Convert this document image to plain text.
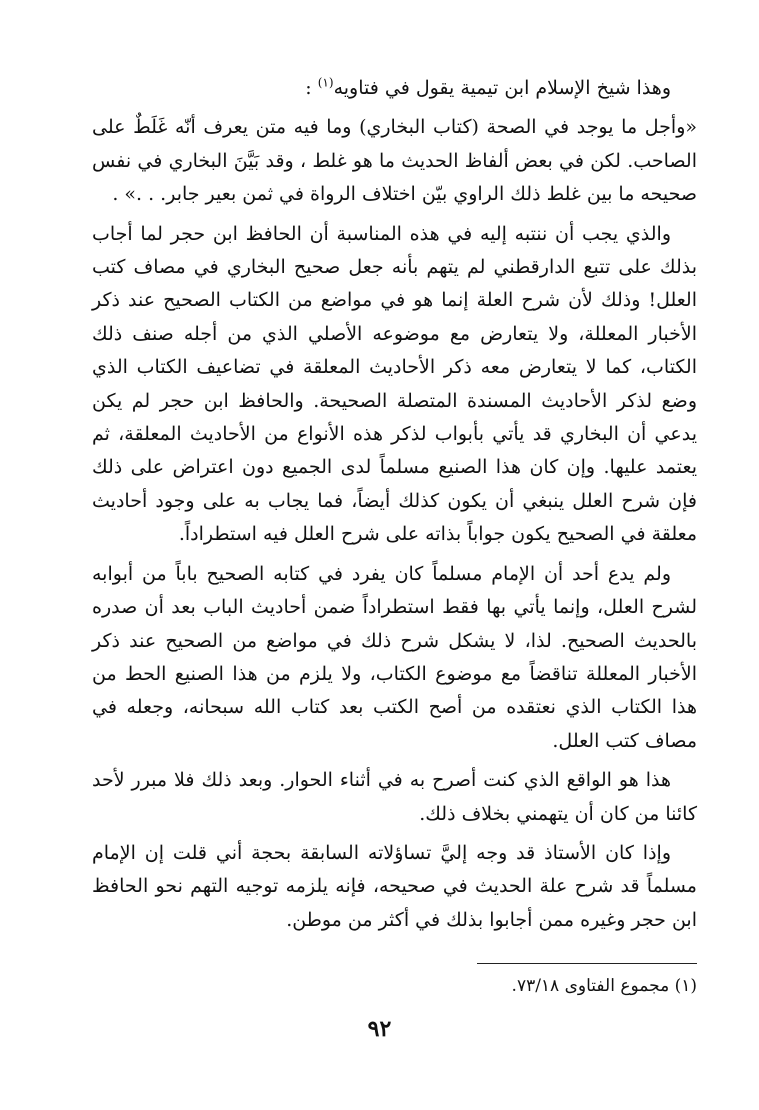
وهذا شيخ الإسلام ابن تيمية يقول في فتاويه$^{(١)}$ :

«وأجل ما يوجد في الصحة (كتاب البخاري) وما فيه متن يعرف أنّه غَلَطٌ على الصاحب. لكن في بعض ألفاظ الحديث ما هو غلط ، وقد بَيَّنَ البخاري في نفس صحيحه ما بين غلط ذلك الراوي بيّن اختلاف الرواة في ثمن بعير جابر. . .» .

والذي يجب أن ننتبه إليه في هذه المناسبة أن الحافظ ابن حجر لما أجاب بذلك على تتبع الدارقطني لم يتهم بأنه جعل صحيح البخاري في مصاف كتب العلل! وذلك لأن شرح العلة إنما هو في مواضع من الكتاب الصحيح عند ذكر الأخبار المعللة، ولا يتعارض مع موضوعه الأصلي الذي من أجله صنف ذلك الكتاب، كما لا يتعارض معه ذكر الأحاديث المعلقة في تضاعيف الكتاب الذي وضع لذكر الأحاديث المسندة المتصلة الصحيحة. والحافظ ابن حجر لم يكن يدعي أن البخاري قد يأتي بأبواب لذكر هذه الأنواع من الأحاديث المعلقة، ثم يعتمد عليها. وإن كان هذا الصنيع مسلماً لدى الجميع دون اعتراض على ذلك فإن شرح العلل ينبغي أن يكون كذلك أيضاً، فما يجاب به على وجود أحاديث معلقة في الصحيح يكون جواباً بذاته على شرح العلل فيه استطراداً.

ولم يدع أحد أن الإمام مسلماً كان يفرد في كتابه الصحيح باباً من أبوابه لشرح العلل، وإنما يأتي بها فقط استطراداً ضمن أحاديث الباب بعد أن صدره بالحديث الصحيح. لذا، لا يشكل شرح ذلك في مواضع من الصحيح عند ذكر الأخبار المعللة تناقضاً مع موضوع الكتاب، ولا يلزم من هذا الصنيع الحط من هذا الكتاب الذي نعتقده من أصح الكتب بعد كتاب الله سبحانه، وجعله في مصاف كتب العلل.

هذا هو الواقع الذي كنت أصرح به في أثناء الحوار. وبعد ذلك فلا مبرر لأحد كائنا من كان أن يتهمني بخلاف ذلك.

وإذا كان الأستاذ قد وجه إليَّ تساؤلاته السابقة بحجة أني قلت إن الإمام مسلماً قد شرح علة الحديث في صحيحه، فإنه يلزمه توجيه التهم نحو الحافظ ابن حجر وغيره ممن أجابوا بذلك في أكثر من موطن.

(١) مجموع الفتاوى ٧٣/١٨.
٩٢
